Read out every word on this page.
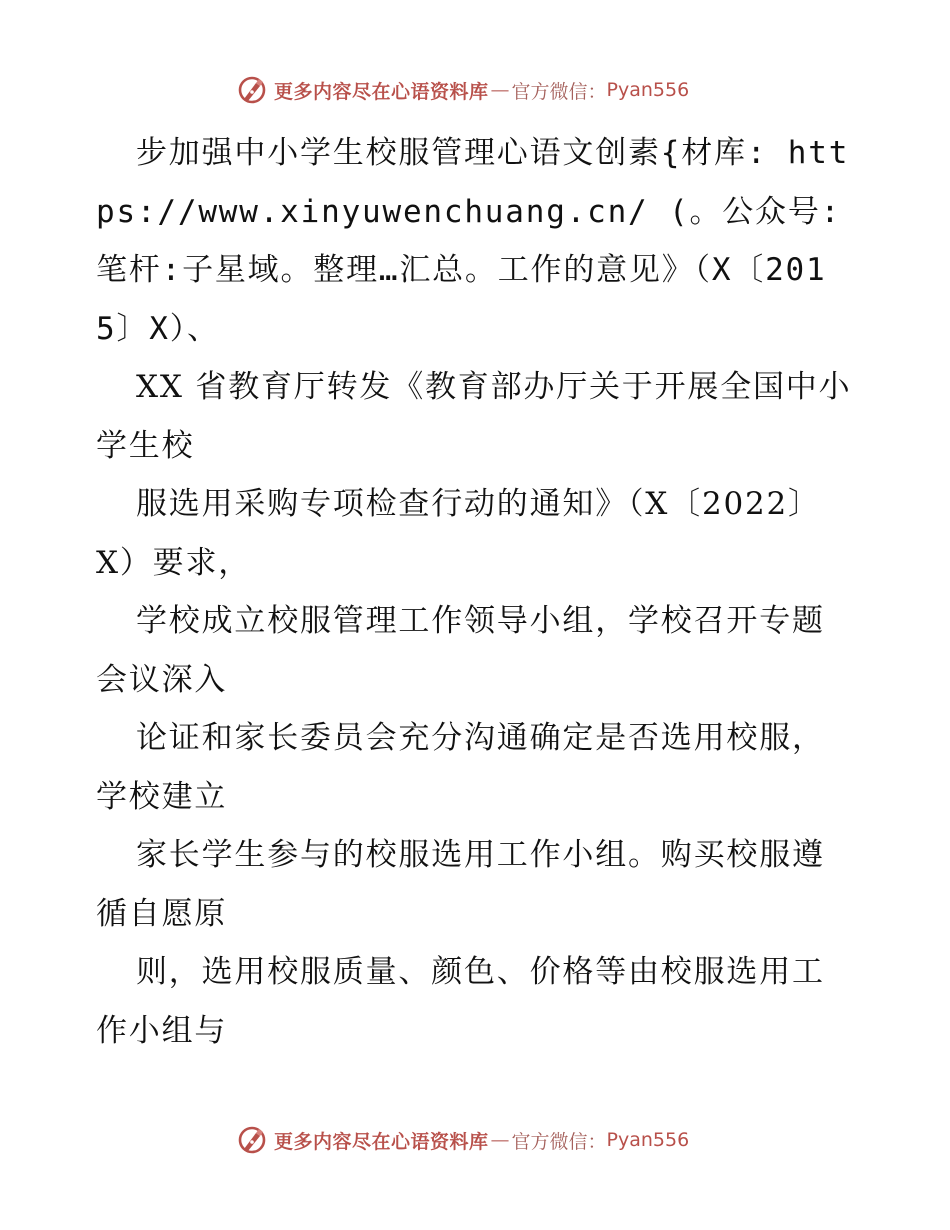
更多内容尽在心语资料库 — 官方微信： Pyan556

步加强中小学生校服管理心语文创素{材库: https://www.xinyuwenchuang.cn/ (。公众号: 笔杆:子星域。整理…汇总。工作的意见》（X〔2015〕X）、

XX 省教育厅转发《教育部办厅关于开展全国中小学生校

服选用采购专项检查行动的通知》（X〔2022〕X）要求，

学校成立校服管理工作领导小组，学校召开专题会议深入

论证和家长委员会充分沟通确定是否选用校服，学校建立

家长学生参与的校服选用工作小组。购买校服遵循自愿原

则，选用校服质量、颜色、价格等由校服选用工作小组与

更多内容尽在心语资料库 — 官方微信： Pyan556
